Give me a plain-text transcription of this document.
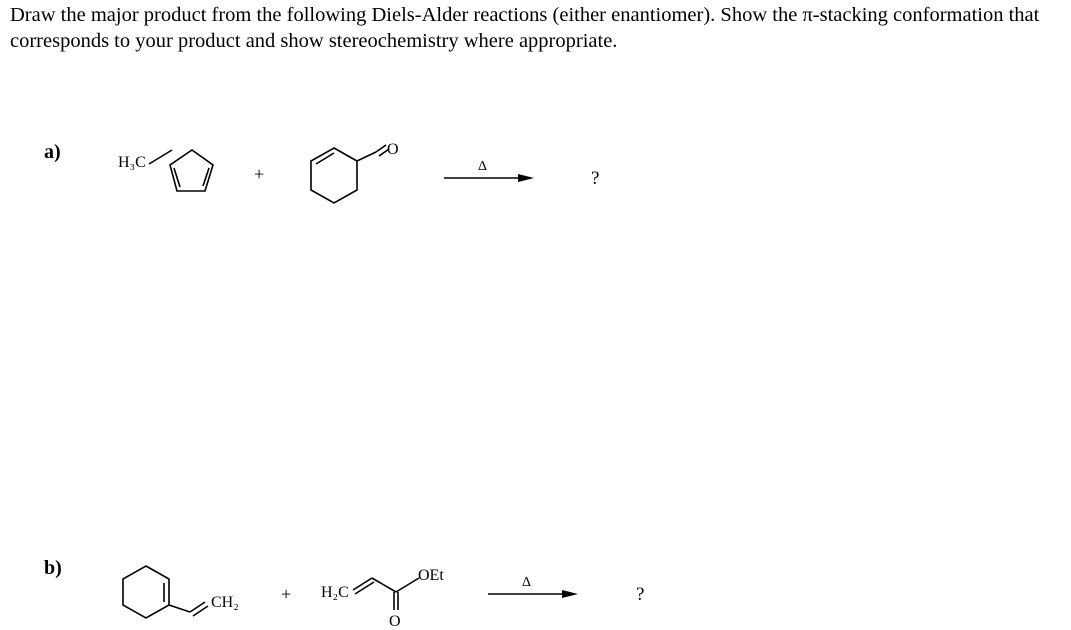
Draw the major product from the following Diels-Alder reactions (either enantiomer). Show the π-stacking conformation that corresponds to your product and show stereochemistry where appropriate.
a)	H₃C
+
O
Δ
?
b)
CH₂ + H₂C
OEt
O
Δ
?
